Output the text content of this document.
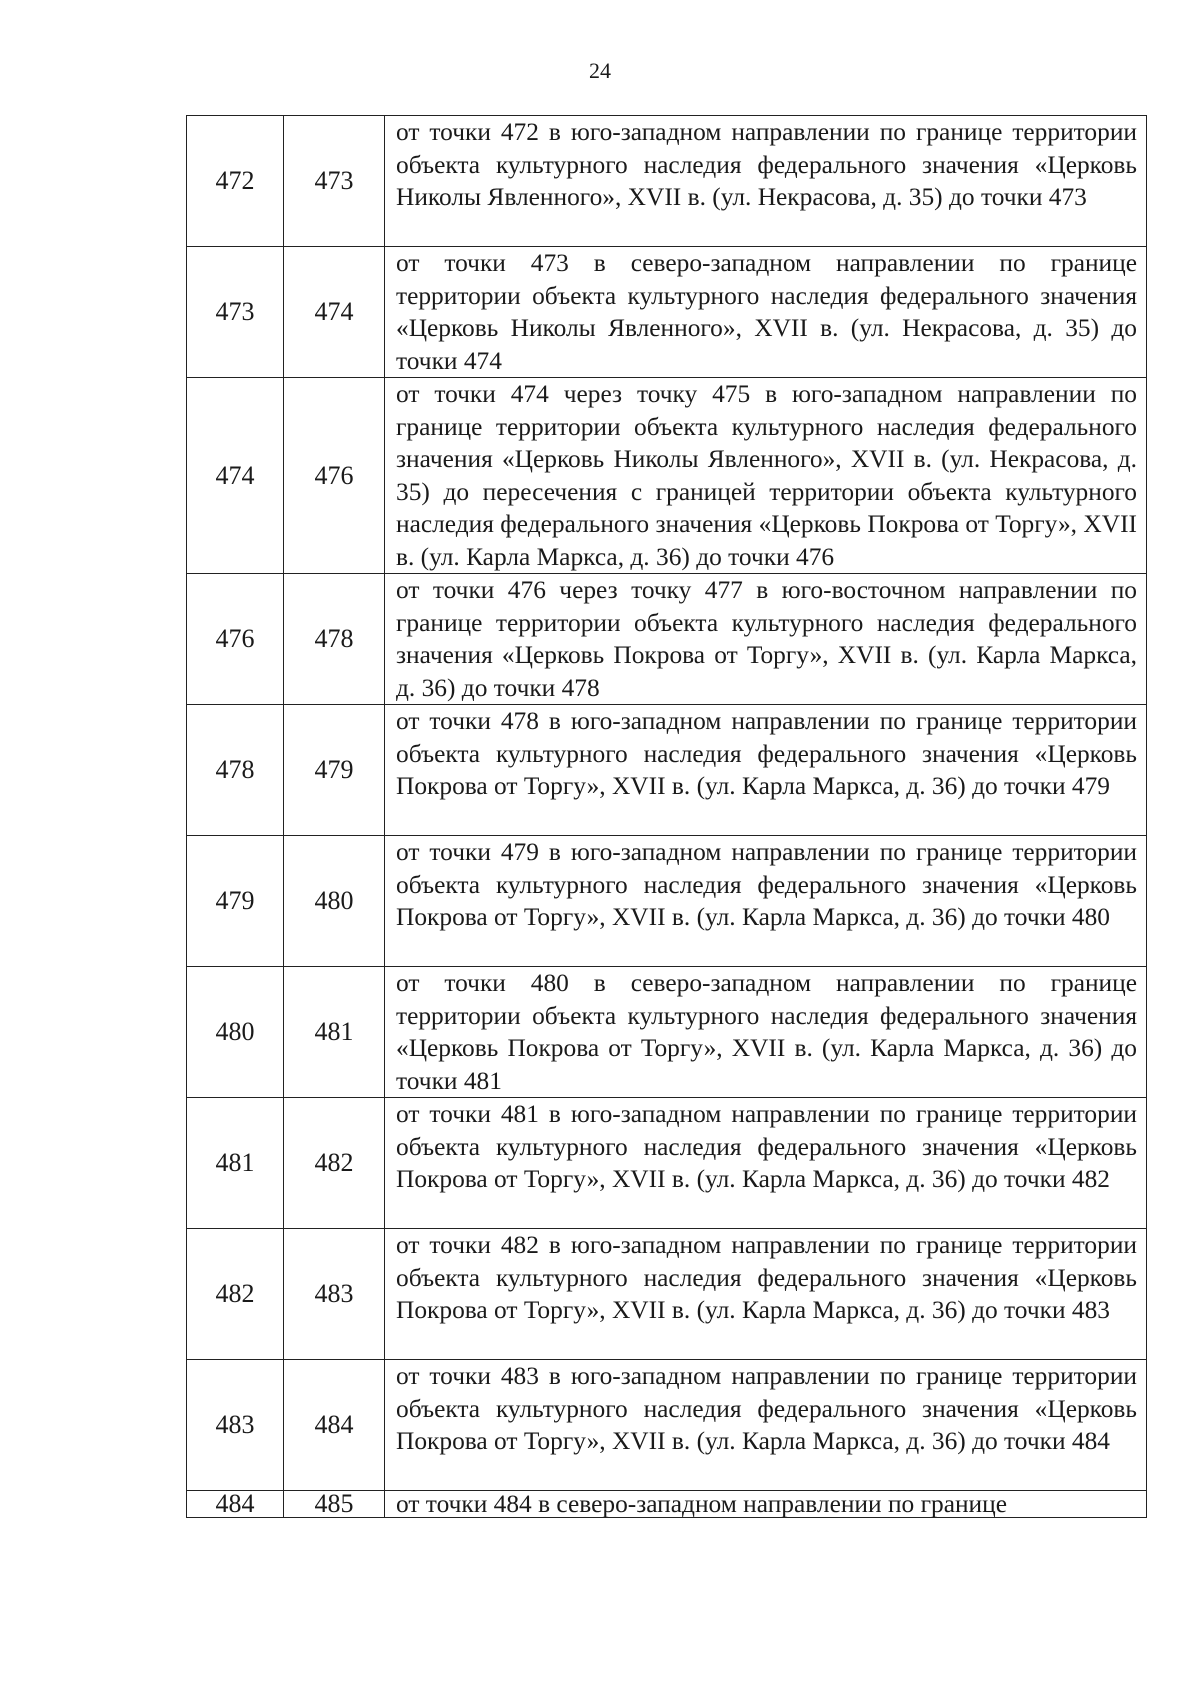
24
472	473	от точки 472 в юго-западном направлении по границе территории объекта культурного наследия федерального значения «Церковь Николы Явленного», XVII в. (ул. Некрасова, д. 35) до точки 473
473	474	от точки 473 в северо-западном направлении по границе территории объекта культурного наследия федерального значения «Церковь Николы Явленного», XVII в. (ул. Некрасова, д. 35) до точки 474
474	476	от точки 474 через точку 475 в юго-западном направлении по границе территории объекта культурного наследия федерального значения «Церковь Николы Явленного», XVII в. (ул. Некрасова, д. 35) до пересечения с границей территории объекта культурного наследия федерального значения «Церковь Покрова от Торгу», XVII в. (ул. Карла Маркса, д. 36) до точки 476
476	478	от точки 476 через точку 477 в юго-восточном направлении по границе территории объекта культурного наследия федерального значения «Церковь Покрова от Торгу», XVII в. (ул. Карла Маркса, д. 36) до точки 478
478	479	от точки 478 в юго-западном направлении по границе территории объекта культурного наследия федерального значения «Церковь Покрова от Торгу», XVII в. (ул. Карла Маркса, д. 36) до точки 479
479	480	от точки 479 в юго-западном направлении по границе территории объекта культурного наследия федерального значения «Церковь Покрова от Торгу», XVII в. (ул. Карла Маркса, д. 36) до точки 480
480	481	от точки 480 в северо-западном направлении по границе территории объекта культурного наследия федерального значения «Церковь Покрова от Торгу», XVII в. (ул. Карла Маркса, д. 36) до точки 481
481	482	от точки 481 в юго-западном направлении по границе территории объекта культурного наследия федерального значения «Церковь Покрова от Торгу», XVII в. (ул. Карла Маркса, д. 36) до точки 482
482	483	от точки 482 в юго-западном направлении по границе территории объекта культурного наследия федерального значения «Церковь Покрова от Торгу», XVII в. (ул. Карла Маркса, д. 36) до точки 483
483	484	от точки 483 в юго-западном направлении по границе территории объекта культурного наследия федерального значения «Церковь Покрова от Торгу», XVII в. (ул. Карла Маркса, д. 36) до точки 484
484	485	от точки 484 в северо-западном направлении по границе
